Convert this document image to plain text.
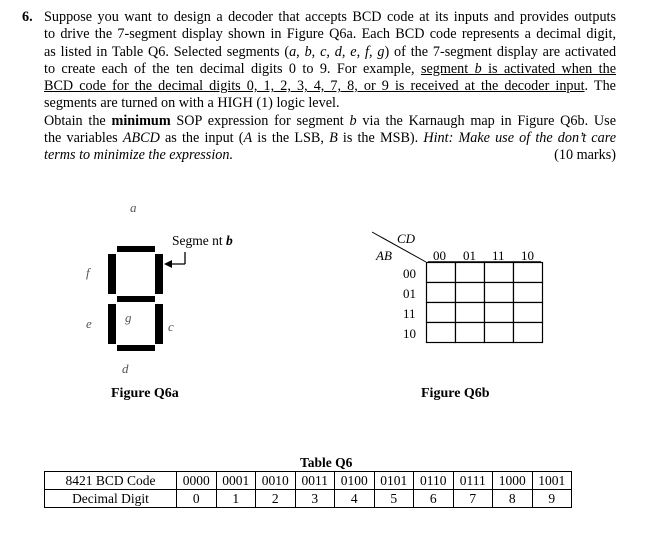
6. Suppose you want to design a decoder that accepts BCD code at its inputs and provides outputs
to drive the 7-segment display shown in Figure Q6a. Each BCD code represents a decimal digit,
as listed in Table Q6. Selected segments (a, b, c, d, e, f, g) of the 7-segment display are activated
to create each of the ten decimal digits 0 to 9. For example, segment b is activated when the
BCD code for the decimal digits 0, 1, 2, 3, 4, 7, 8, or 9 is received at the decoder input. The
segments are turned on with a HIGH (1) logic level.
Obtain the minimum SOP expression for segment b via the Karnaugh map in Figure Q6b. Use
the variables ABCD as the input (A is the LSB, B is the MSB). Hint: Make use of the don’t care
terms to minimize the expression.	(10 marks)
a
f
e	g
c
d
Segme nt b
Figure Q6a
CD
AB	00 01 11 10
00
01
11
10
Figure Q6b
Table Q6
8421 BCD Code	0000	0001	0010	0011	0100	0101	0110	0111	1000	1001
Decimal Digit	0	1	2	3	4	5	6	7	8	9
